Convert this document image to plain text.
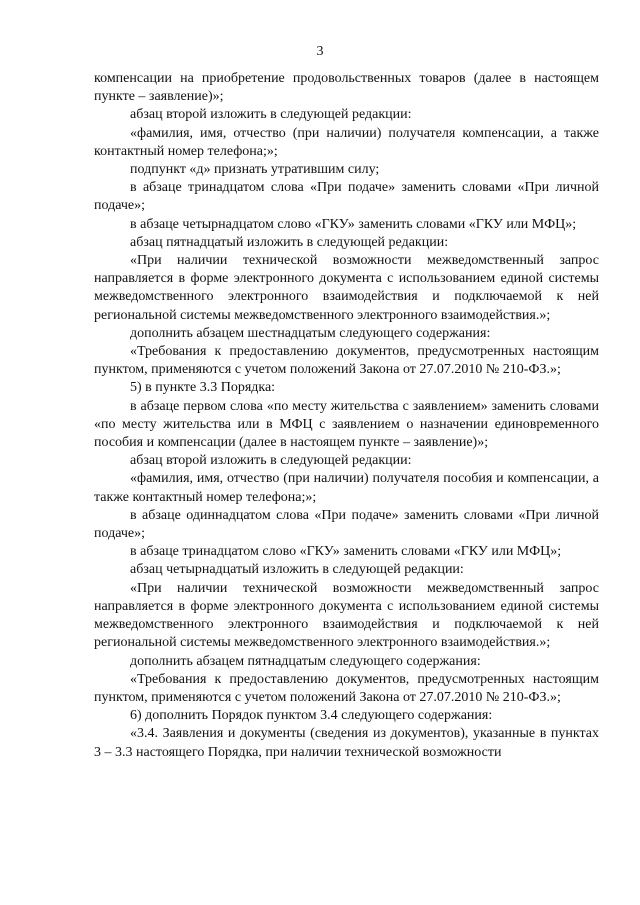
3

компенсации на приобретение продовольственных товаров (далее в настоящем пункте – заявление)»;

абзац второй изложить в следующей редакции:

«фамилия, имя, отчество (при наличии) получателя компенсации, а также контактный номер телефона;»;

подпункт «д» признать утратившим силу;

в абзаце тринадцатом слова «При подаче» заменить словами «При личной подаче»;

в абзаце четырнадцатом слово «ГКУ» заменить словами «ГКУ или МФЦ»;

абзац пятнадцатый изложить в следующей редакции:

«При наличии технической возможности межведомственный запрос направляется в форме электронного документа с использованием единой системы межведомственного электронного взаимодействия и подключаемой к ней региональной системы межведомственного электронного взаимодействия.»;

дополнить абзацем шестнадцатым следующего содержания:

«Требования к предоставлению документов, предусмотренных настоящим пунктом, применяются с учетом положений Закона от 27.07.2010 № 210-ФЗ.»;

5) в пункте 3.3 Порядка:

в абзаце первом слова «по месту жительства с заявлением» заменить словами «по месту жительства или в МФЦ с заявлением о назначении единовременного пособия и компенсации (далее в настоящем пункте – заявление)»;

абзац второй изложить в следующей редакции:

«фамилия, имя, отчество (при наличии) получателя пособия и компенсации, а также контактный номер телефона;»;

в абзаце одиннадцатом слова «При подаче» заменить словами «При личной подаче»;

в абзаце тринадцатом слово «ГКУ» заменить словами «ГКУ или МФЦ»;

абзац четырнадцатый изложить в следующей редакции:

«При наличии технической возможности межведомственный запрос направляется в форме электронного документа с использованием единой системы межведомственного электронного взаимодействия и подключаемой к ней региональной системы межведомственного электронного взаимодействия.»;

дополнить абзацем пятнадцатым следующего содержания:

«Требования к предоставлению документов, предусмотренных настоящим пунктом, применяются с учетом положений Закона от 27.07.2010 № 210-ФЗ.»;

6) дополнить Порядок пунктом 3.4 следующего содержания:

«3.4. Заявления и документы (сведения из документов), указанные в пунктах 3 – 3.3 настоящего Порядка, при наличии технической возможности
